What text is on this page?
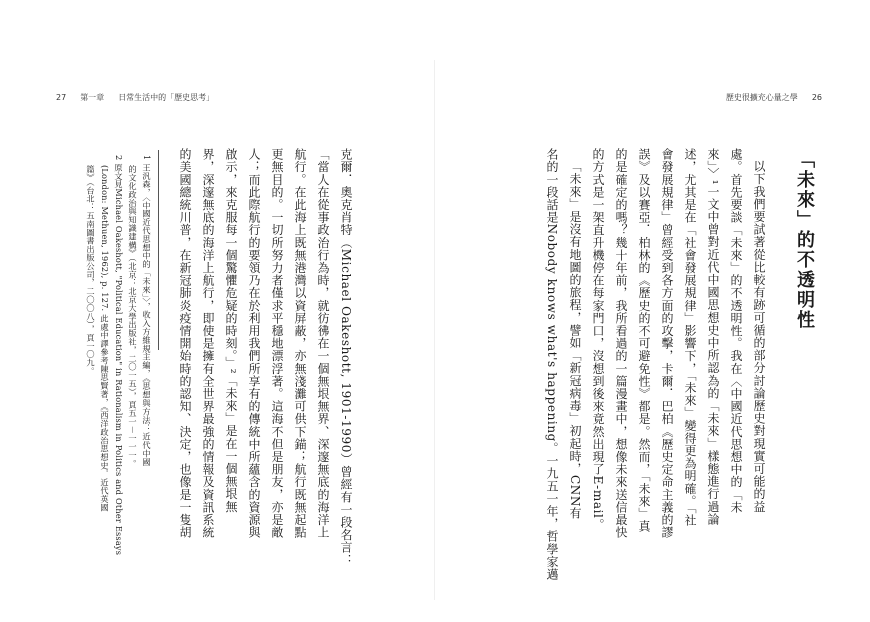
27 第一章 日常生活中的「歷史思考」
克爾．奧克肖特（Michael Oakeshott, 1901-1990）曾經有一段名言：
「當人在從事政治行為時，就彷彿在一個無垠無界、深邃無底的海洋上
航行。在此海上既無港灣以資屏蔽，亦無淺灘可供下錨；航行既無起點
更無目的。一切所努力者僅求平穩地漂浮著。這海不但是朋友，亦是敵
人；而此際航行的要領乃在於利用我們所享有的傳統中所蘊含的資源與
啟示，來克服每一個驚懼危疑的時刻。」²「未來」是在一個無垠無
界，深邃無底的海洋上航行，即使是擁有全世界最強的情報及資訊系統
的美國總統川普，在新冠肺炎疫情開始時的認知、決定，也像是一隻胡
1 王汎森，〈中國近代思想中的「未來」〉，收入方維規主編，《思想與方法：近代中國
的文化政治與知識建構》（北京：北京大學出版社，二〇一五），頁五一－一一一。
2 原文見Michael Oakeshott, "Political Education" in Rationalism in Politics and Other Essays
(London: Methuen, 1962), p. 127. 此處中譯參考陳思賢著，《西洋政治思想史．近代英國
篇》（台北：五南圖書出版公司，二〇〇八），頁一〇九。
歷史很擴充心量之學 26
「未來」的不透明性
以下我們要試著從比較有跡可循的部分討論歷史對現實可能的益
處。首先要談「未來」的不透明性。我在〈中國近代思想中的「未
來」〉¹一文中曾對近代中國思想史中所認為的「未來」樣態進行過論
述，尤其是在「社會發展規律」影響下，「未來」變得更為明確。「社
會發展規律」曾經受到各方面的攻擊，卡爾．巴柏《歷史定命主義的謬
誤》及以賽亞．柏林的《歷史的不可避免性》都是。然而，「未來」真
的是確定的嗎？幾十年前，我所看過的一篇漫畫中，想像未來送信最快
的方式是一架直升機停在每家門口，沒想到後來竟然出現了E-mail。
「未來」是沒有地圖的旅程，譬如「新冠病毒」初起時，CNN有
名的一段話是Nobody knows what's happening。一九五一年，哲學家邁
